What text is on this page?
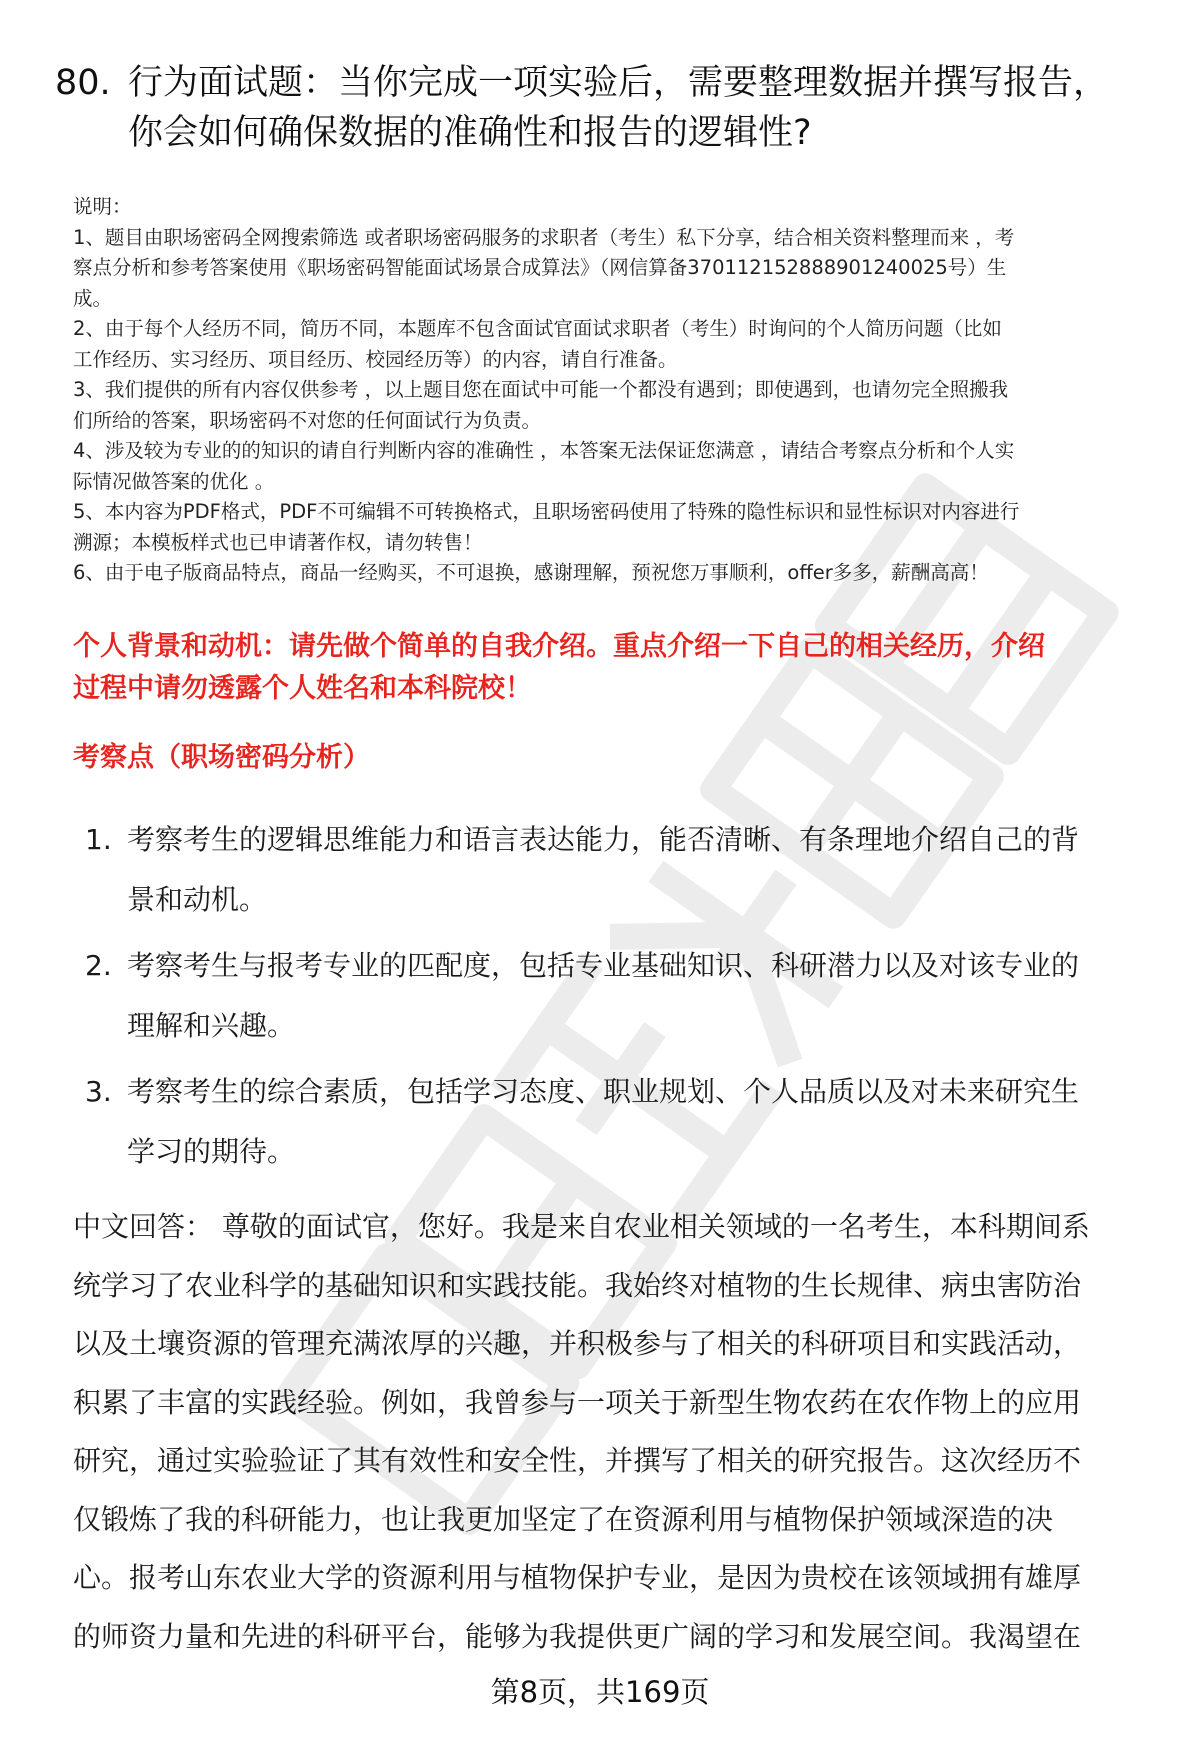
80. 行为面试题：当你完成一项实验后，需要整理数据并撰写报告，
你会如何确保数据的准确性和报告的逻辑性?
说明：
1、题目由职场密码全网搜索筛选 或者职场密码服务的求职者（考生）私下分享，结合相关资料整理而来 ，考
察点分析和参考答案使用《职场密码智能面试场景合成算法》（网信算备370112152888901240025号）生
成。
2、由于每个人经历不同，简历不同，本题库不包含面试官面试求职者（考生）时询问的个人简历问题（比如
工作经历、实习经历、项目经历、校园经历等）的内容，请自行准备。
3、我们提供的所有内容仅供参考 ，以上题目您在面试中可能一个都没有遇到；即使遇到，也请勿完全照搬我
们所给的答案，职场密码不对您的任何面试行为负责。
4、涉及较为专业的的知识的请自行判断内容的准确性 ，本答案无法保证您满意 ，请结合考察点分析和个人实
际情况做答案的优化 。
5、本内容为PDF格式，PDF不可编辑不可转换格式，且职场密码使用了特殊的隐性标识和显性标识对内容进行
溯源；本模板样式也已申请著作权，请勿转售！
6、由于电子版商品特点，商品一经购买，不可退换，感谢理解，预祝您万事顺利，offer多多，薪酬高高！
个人背景和动机：请先做个简单的自我介绍。重点介绍一下自己的相关经历，介绍
过程中请勿透露个人姓名和本科院校！
考察点（职场密码分析）
1. 考察考生的逻辑思维能力和语言表达能力，能否清晰、有条理地介绍自己的背
景和动机。
2. 考察考生与报考专业的匹配度，包括专业基础知识、科研潜力以及对该专业的
理解和兴趣。
3. 考察考生的综合素质，包括学习态度、职业规划、个人品质以及对未来研究生
学习的期待。
中文回答： 尊敬的面试官，您好。我是来自农业相关领域的一名考生，本科期间系
统学习了农业科学的基础知识和实践技能。我始终对植物的生长规律、病虫害防治
以及土壤资源的管理充满浓厚的兴趣，并积极参与了相关的科研项目和实践活动，
积累了丰富的实践经验。例如，我曾参与一项关于新型生物农药在农作物上的应用
研究，通过实验验证了其有效性和安全性，并撰写了相关的研究报告。这次经历不
仅锻炼了我的科研能力，也让我更加坚定了在资源利用与植物保护领域深造的决
心。报考山东农业大学的资源利用与植物保护专业，是因为贵校在该领域拥有雄厚
的师资力量和先进的科研平台，能够为我提供更广阔的学习和发展空间。我渴望在
第8页，共169页
